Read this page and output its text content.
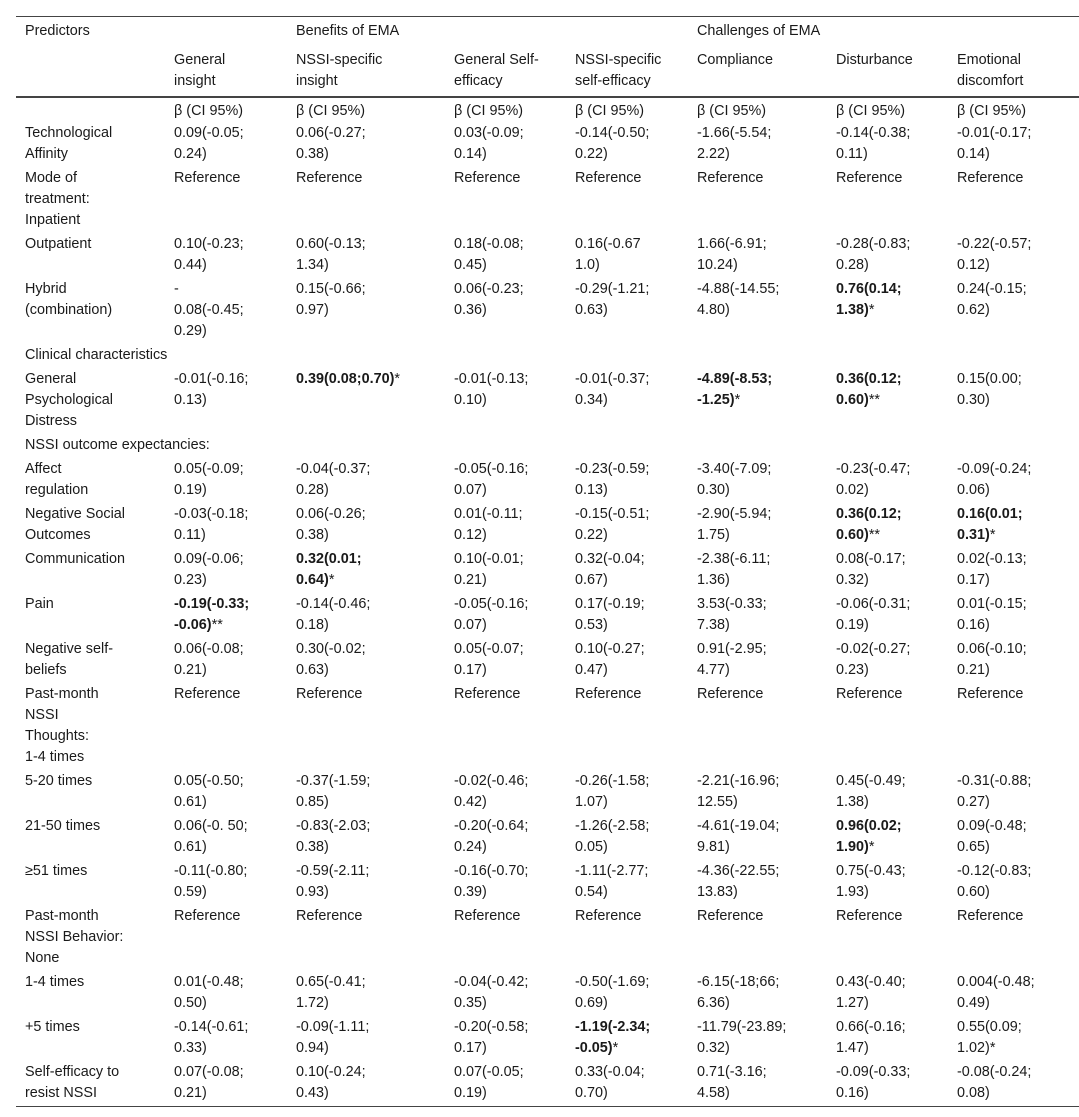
Predictors		Benefits of EMA			Challenges of EMA		

	General
insight	NSSI-specific
insight	General Self-
efficacy	NSSI-specific
self-efficacy	Compliance	Disturbance	Emotional
discomfort

	β (CI 95%)	β (CI 95%)	β (CI 95%)	β (CI 95%)	β (CI 95%)	β (CI 95%)	β (CI 95%)

Technological
Affinity	0.09(-0.05;
0.24)	0.06(-0.27;
0.38)	0.03(-0.09;
0.14)	-0.14(-0.50;
0.22)	-1.66(-5.54;
2.22)	-0.14(-0.38;
0.11)	-0.01(-0.17;
0.14)

Mode of
treatment:
Inpatient	Reference	Reference	Reference	Reference	Reference	Reference	Reference

Outpatient	0.10(-0.23;
0.44)	0.60(-0.13;
1.34)	0.18(-0.08;
0.45)	0.16(-0.67
1.0)	1.66(-6.91;
10.24)	-0.28(-0.83;
0.28)	-0.22(-0.57;
0.12)

Hybrid
(combination)	-
0.08(-0.45;
0.29)	0.15(-0.66;
0.97)	0.06(-0.23;
0.36)	-0.29(-1.21;
0.63)	-4.88(-14.55;
4.80)	0.76(0.14;
1.38)*	0.24(-0.15;
0.62)

Clinical characteristics							

General
Psychological
Distress	-0.01(-0.16;
0.13)	0.39(0.08;0.70)*	-0.01(-0.13;
0.10)	-0.01(-0.37;
0.34)	-4.89(-8.53;
-1.25)*	0.36(0.12;
0.60)**	0.15(0.00;
0.30)

NSSI outcome expectancies:							

Affect
regulation	0.05(-0.09;
0.19)	-0.04(-0.37;
0.28)	-0.05(-0.16;
0.07)	-0.23(-0.59;
0.13)	-3.40(-7.09;
0.30)	-0.23(-0.47;
0.02)	-0.09(-0.24;
0.06)

Negative Social
Outcomes	-0.03(-0.18;
0.11)	0.06(-0.26;
0.38)	0.01(-0.11;
0.12)	-0.15(-0.51;
0.22)	-2.90(-5.94;
1.75)	0.36(0.12;
0.60)**	0.16(0.01;
0.31)*

Communication	0.09(-0.06;
0.23)	0.32(0.01;
0.64)*	0.10(-0.01;
0.21)	0.32(-0.04;
0.67)	-2.38(-6.11;
1.36)	0.08(-0.17;
0.32)	0.02(-0.13;
0.17)

Pain	-0.19(-0.33;
-0.06)**	-0.14(-0.46;
0.18)	-0.05(-0.16;
0.07)	0.17(-0.19;
0.53)	3.53(-0.33;
7.38)	-0.06(-0.31;
0.19)	0.01(-0.15;
0.16)

Negative self-
beliefs	0.06(-0.08;
0.21)	0.30(-0.02;
0.63)	0.05(-0.07;
0.17)	0.10(-0.27;
0.47)	0.91(-2.95;
4.77)	-0.02(-0.27;
0.23)	0.06(-0.10;
0.21)

Past-month
NSSI
Thoughts:
1-4 times	Reference	Reference	Reference	Reference	Reference	Reference	Reference

5-20 times	0.05(-0.50;
0.61)	-0.37(-1.59;
0.85)	-0.02(-0.46;
0.42)	-0.26(-1.58;
1.07)	-2.21(-16.96;
12.55)	0.45(-0.49;
1.38)	-0.31(-0.88;
0.27)

21-50 times	0.06(-0. 50;
0.61)	-0.83(-2.03;
0.38)	-0.20(-0.64;
0.24)	-1.26(-2.58;
0.05)	-4.61(-19.04;
9.81)	0.96(0.02;
1.90)*	0.09(-0.48;
0.65)

≥51 times	-0.11(-0.80;
0.59)	-0.59(-2.11;
0.93)	-0.16(-0.70;
0.39)	-1.11(-2.77;
0.54)	-4.36(-22.55;
13.83)	0.75(-0.43;
1.93)	-0.12(-0.83;
0.60)

Past-month
NSSI Behavior:
None	Reference	Reference	Reference	Reference	Reference	Reference	Reference

1-4 times	0.01(-0.48;
0.50)	0.65(-0.41;
1.72)	-0.04(-0.42;
0.35)	-0.50(-1.69;
0.69)	-6.15(-18;66;
6.36)	0.43(-0.40;
1.27)	0.004(-0.48;
0.49)

+5 times	-0.14(-0.61;
0.33)	-0.09(-1.11;
0.94)	-0.20(-0.58;
0.17)	-1.19(-2.34;
-0.05)*	-11.79(-23.89;
0.32)	0.66(-0.16;
1.47)	0.55(0.09;
1.02)*

Self-efficacy to
resist NSSI	0.07(-0.08;
0.21)	0.10(-0.24;
0.43)	0.07(-0.05;
0.19)	0.33(-0.04;
0.70)	0.71(-3.16;
4.58)	-0.09(-0.33;
0.16)	-0.08(-0.24;
0.08)
